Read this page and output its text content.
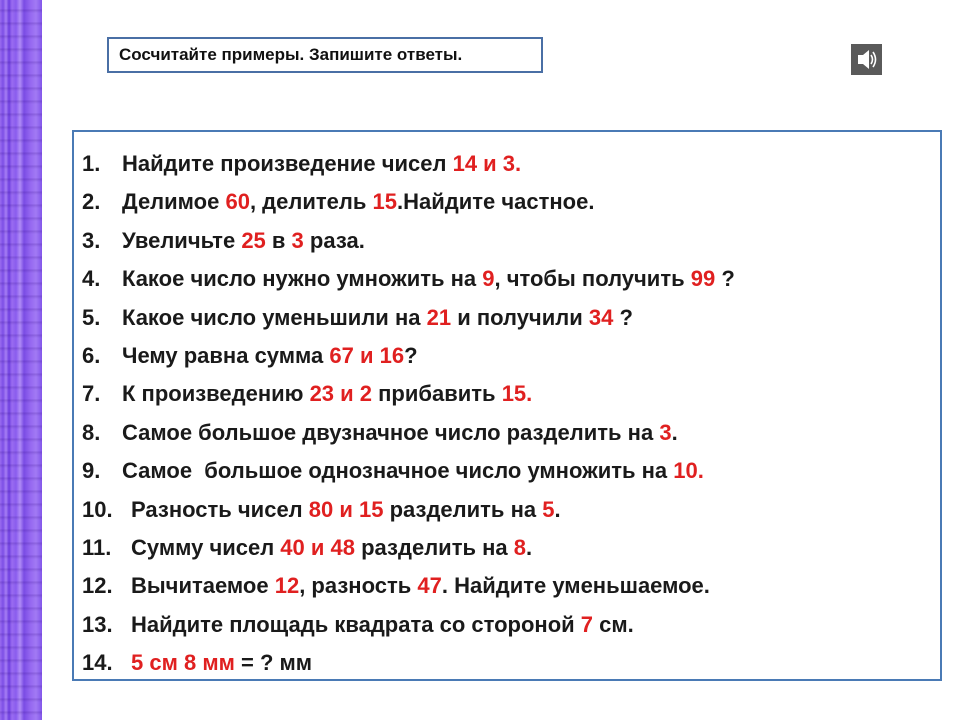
Сосчитайте примеры. Запишите ответы.
1. Найдите произведение чисел 14 и 3.
2. Делимое 60, делитель 15.Найдите частное.
3. Увеличьте 25 в 3 раза.
4. Какое число нужно умножить на 9, чтобы получить 99 ?
5. Какое число уменьшили на 21 и получили 34 ?
6. Чему равна сумма 67 и 16?
7. К произведению 23 и 2 прибавить 15.
8. Самое большое двузначное число разделить на 3.
9. Самое  большое однозначное число умножить на 10.
10. Разность чисел 80 и 15 разделить на 5.
11. Сумму чисел 40 и 48 разделить на 8.
12. Вычитаемое 12, разность 47. Найдите уменьшаемое.
13. Найдите площадь квадрата со стороной 7 см.
14. 5 см 8 мм = ? мм
